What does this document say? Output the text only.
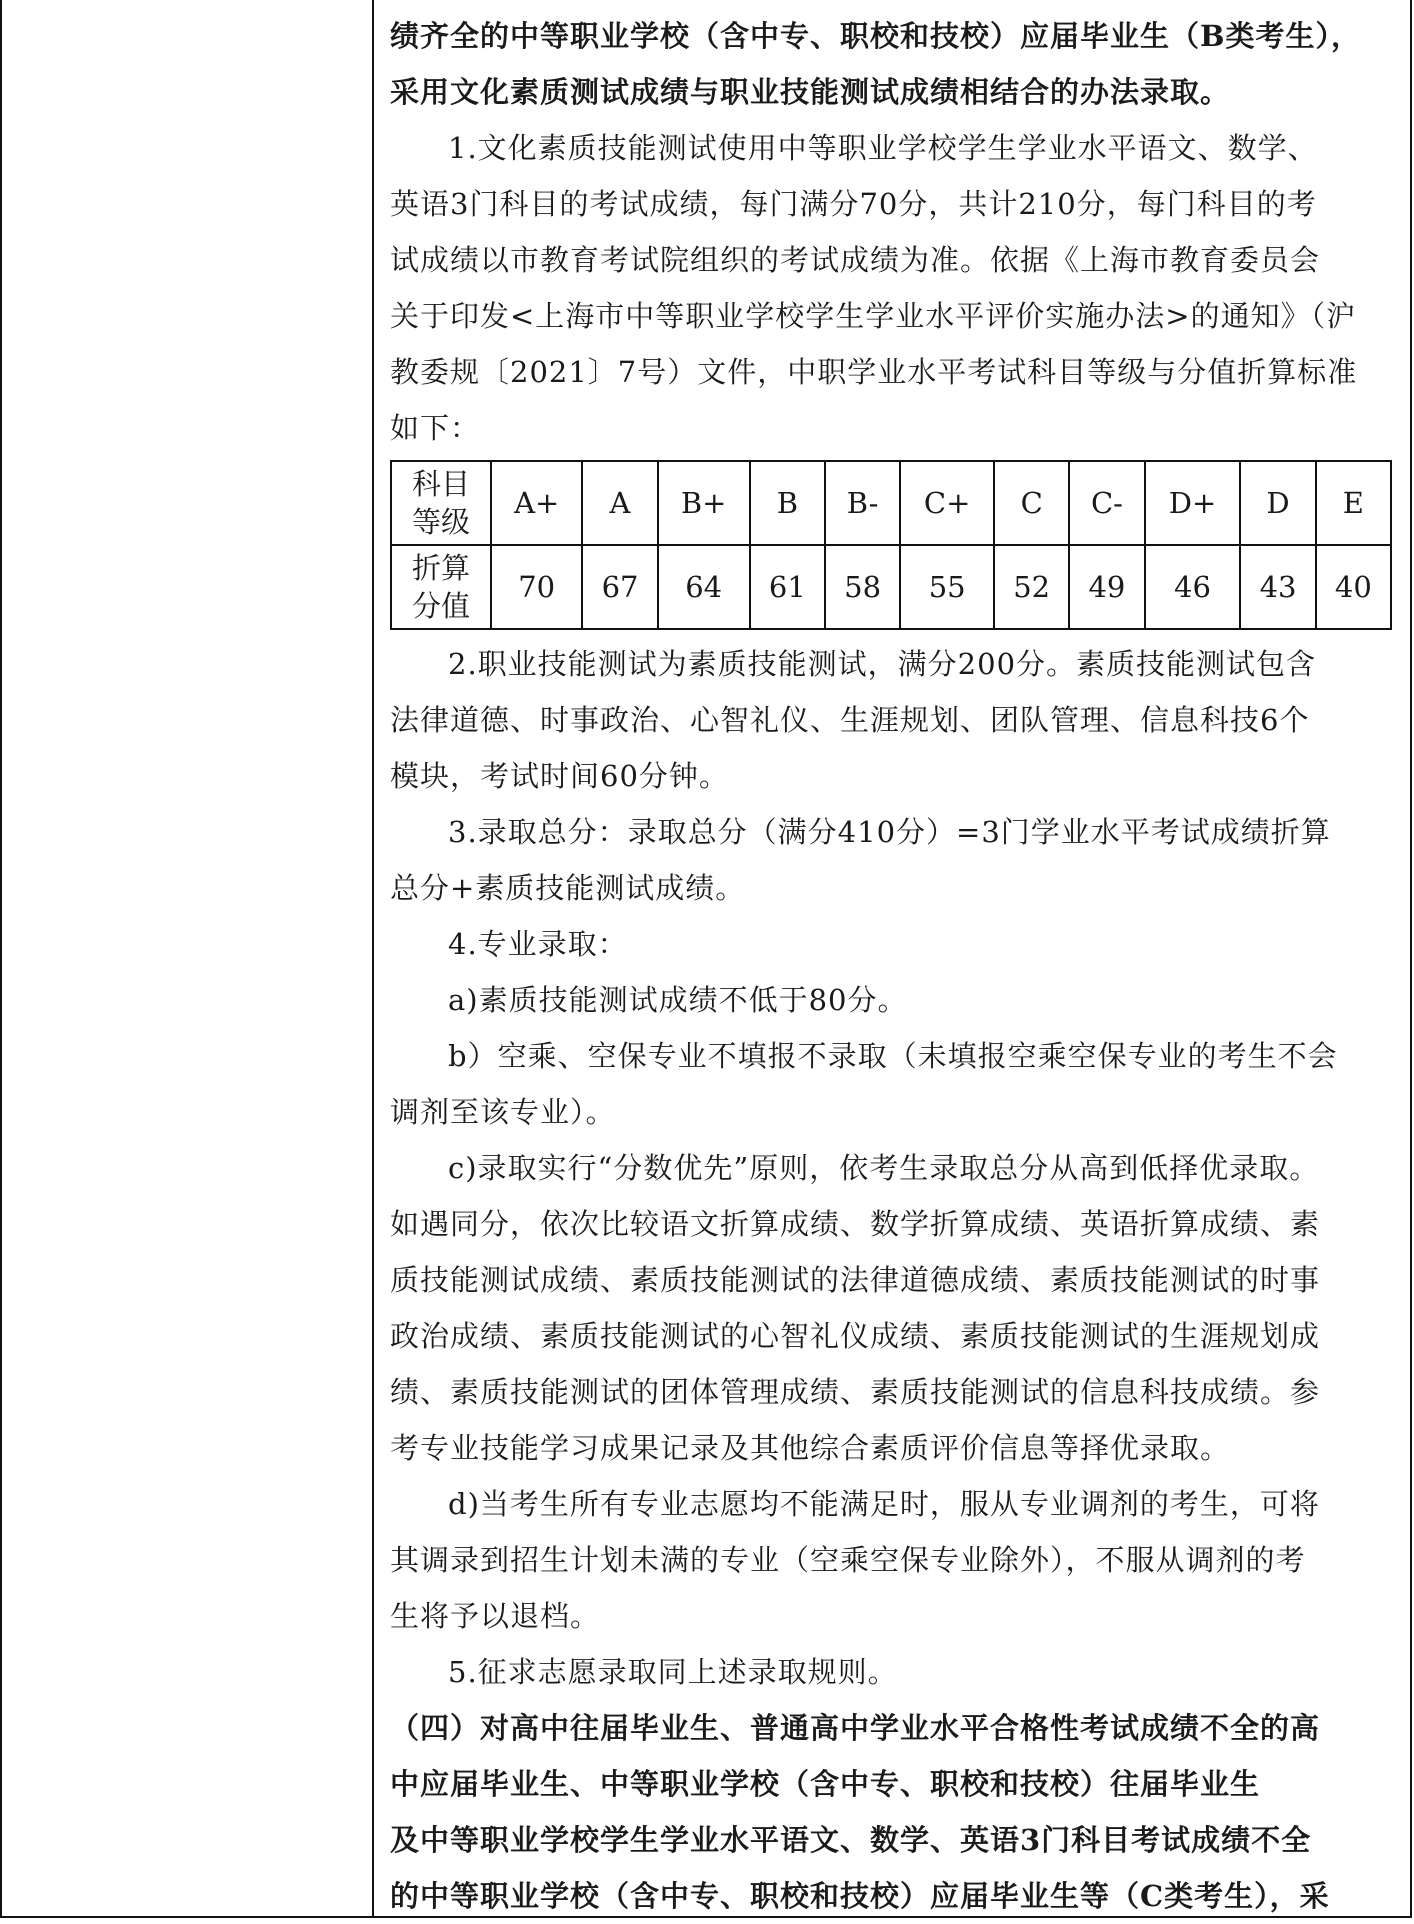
绩齐全的中等职业学校（含中专、职校和技校）应届毕业生（B类考生），

采用文化素质测试成绩与职业技能测试成绩相结合的办法录取。

1.文化素质技能测试使用中等职业学校学生学业水平语文、数学、

英语3门科目的考试成绩，每门满分70分，共计210分，每门科目的考

试成绩以市教育考试院组织的考试成绩为准。依据《上海市教育委员会

关于印发<上海市中等职业学校学生学业水平评价实施办法>的通知》（沪

教委规〔2021〕7号）文件，中职学业水平考试科目等级与分值折算标准

如下：

科目
等级	A+	A	B+	B	B-	C+	C	C-	D+	D	E

折算
分值	70	67	64	61	58	55	52	49	46	43	40

2.职业技能测试为素质技能测试，满分200分。素质技能测试包含

法律道德、时事政治、心智礼仪、生涯规划、团队管理、信息科技6个

模块，考试时间60分钟。

3.录取总分：录取总分（满分410分）=3门学业水平考试成绩折算

总分+素质技能测试成绩。

4.专业录取：

a)素质技能测试成绩不低于80分。

b）空乘、空保专业不填报不录取（未填报空乘空保专业的考生不会

调剂至该专业）。

c)录取实行“分数优先”原则，依考生录取总分从高到低择优录取。

如遇同分，依次比较语文折算成绩、数学折算成绩、英语折算成绩、素

质技能测试成绩、素质技能测试的法律道德成绩、素质技能测试的时事

政治成绩、素质技能测试的心智礼仪成绩、素质技能测试的生涯规划成

绩、素质技能测试的团体管理成绩、素质技能测试的信息科技成绩。参

考专业技能学习成果记录及其他综合素质评价信息等择优录取。

d)当考生所有专业志愿均不能满足时，服从专业调剂的考生，可将

其调录到招生计划未满的专业（空乘空保专业除外），不服从调剂的考

生将予以退档。

5.征求志愿录取同上述录取规则。

（四）对高中往届毕业生、普通高中学业水平合格性考试成绩不全的高

中应届毕业生、中等职业学校（含中专、职校和技校）往届毕业生

及中等职业学校学生学业水平语文、数学、英语3门科目考试成绩不全

的中等职业学校（含中专、职校和技校）应届毕业生等（C类考生），采
